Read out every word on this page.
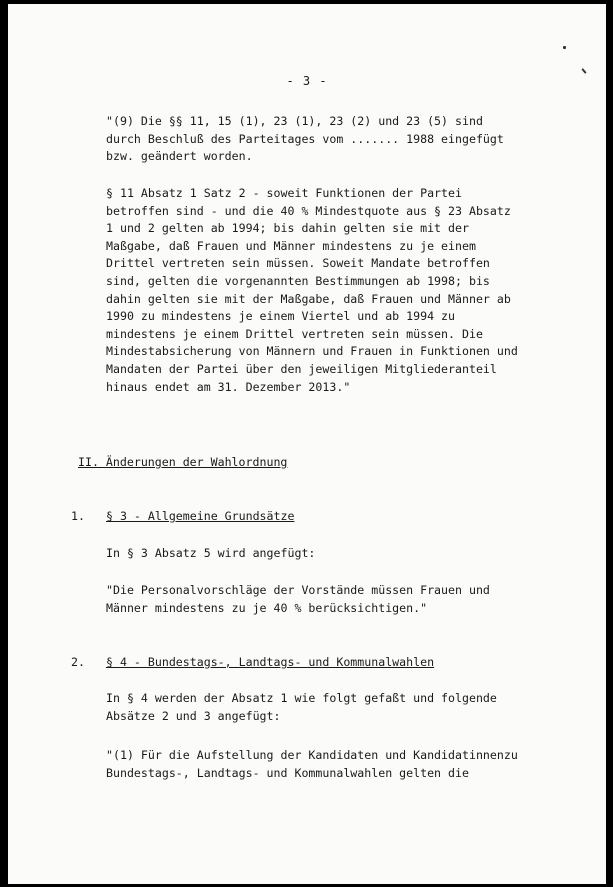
- 3 -
"(9) Die §§ 11, 15 (1), 23 (1), 23 (2) und 23 (5) sind
durch Beschluß des Parteitages vom ....... 1988 eingefügt
bzw. geändert worden.
§ 11 Absatz 1 Satz 2 - soweit Funktionen der Partei
betroffen sind - und die 40 % Mindestquote aus § 23 Absatz
1 und 2 gelten ab 1994; bis dahin gelten sie mit der
Maßgabe, daß Frauen und Männer mindestens zu je einem
Drittel vertreten sein müssen. Soweit Mandate betroffen
sind, gelten die vorgenannten Bestimmungen ab 1998; bis
dahin gelten sie mit der Maßgabe, daß Frauen und Männer ab
1990 zu mindestens je einem Viertel und ab 1994 zu
mindestens je einem Drittel vertreten sein müssen. Die
Mindestabsicherung von Männern und Frauen in Funktionen und
Mandaten der Partei über den jeweiligen Mitgliederanteil
hinaus endet am 31. Dezember 2013."
II. Änderungen der Wahlordnung
1. § 3 - Allgemeine Grundsätze
In § 3 Absatz 5 wird angefügt:
"Die Personalvorschläge der Vorstände müssen Frauen und
Männer mindestens zu je 40 % berücksichtigen."
2. § 4 - Bundestags-, Landtags- und Kommunalwahlen
In § 4 werden der Absatz 1 wie folgt gefaßt und folgende
Absätze 2 und 3 angefügt:
"(1) Für die Aufstellung der Kandidaten und Kandidatinnenzu
Bundestags-, Landtags- und Kommunalwahlen gelten die
